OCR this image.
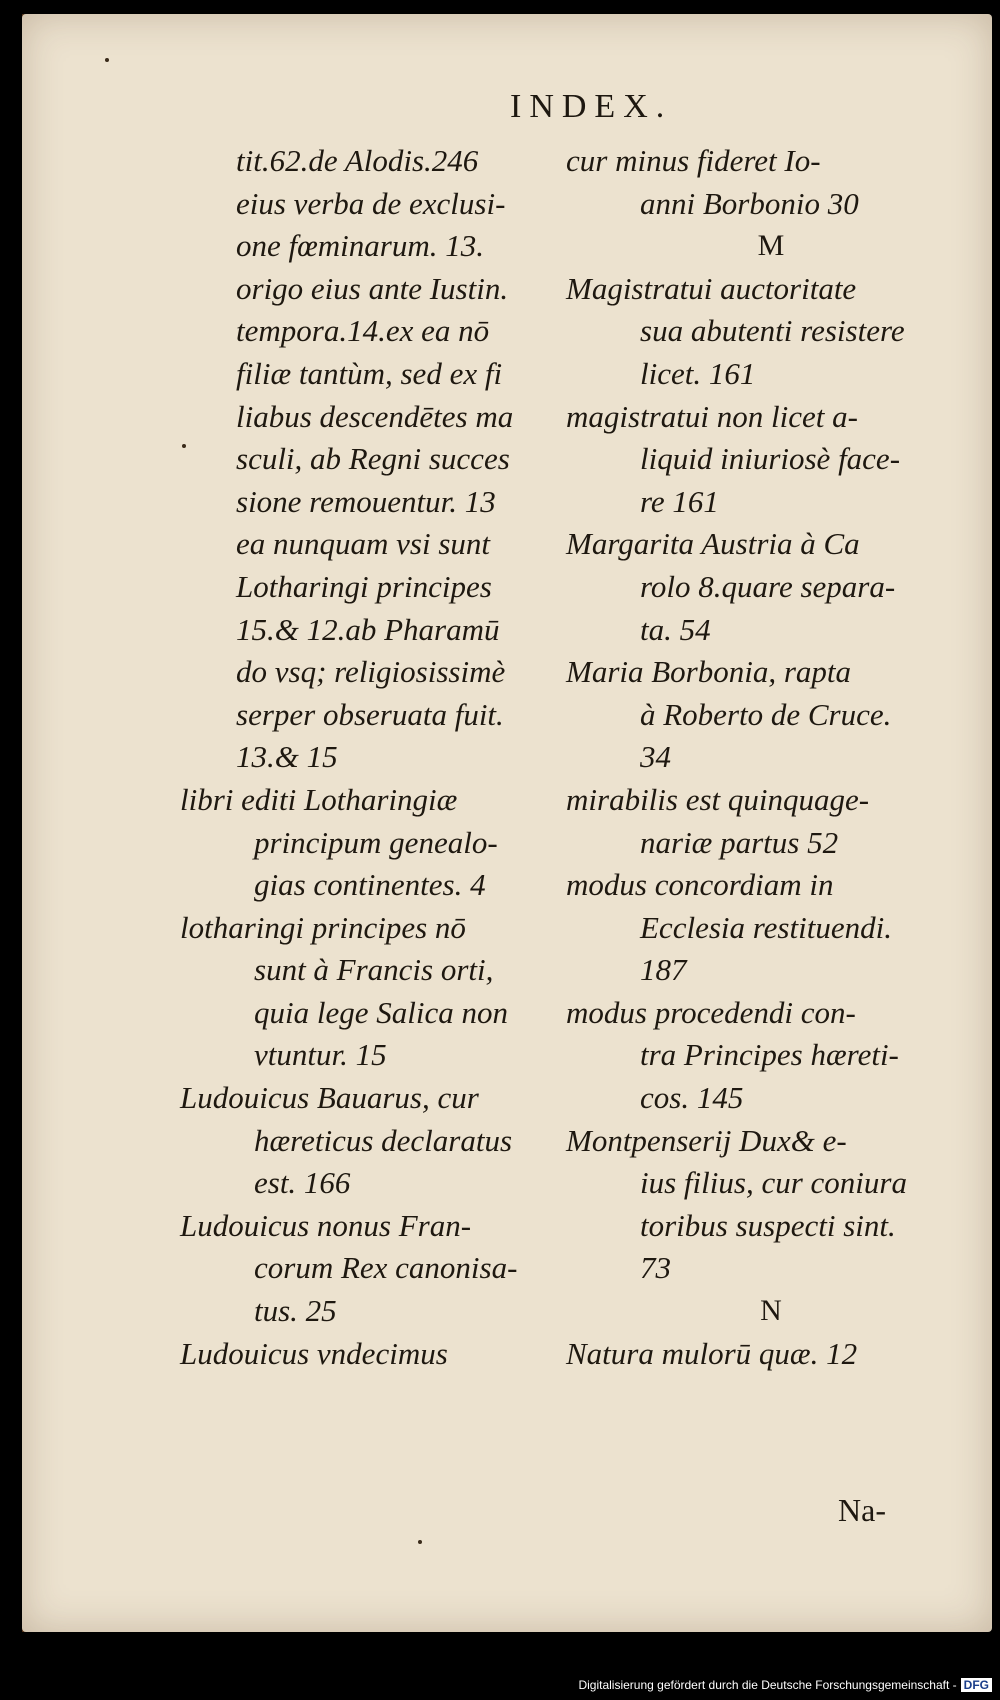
INDEX.
tit.62.de Alodis.246
eius verba de exclusi-
one fœminarum. 13.
origo eius ante Iustin.
tempora.14.ex ea nō
filiæ tantùm, sed ex fi
liabus descendētes ma
sculi, ab Regni succes
sione remouentur. 13
ea nunquam vsi sunt
Lotharingi principes
15.& 12.ab Pharamū
do vsq; religiosissimè
serper obseruata fuit.
13.& 15
libri editi Lotharingiæ
principum genealo-
gias continentes. 4
lotharingi principes nō
sunt à Francis orti,
quia lege Salica non
vtuntur. 15
Ludouicus Bauarus, cur
hæreticus declaratus
est. 166
Ludouicus nonus Fran-
corum Rex canonisa-
tus. 25
Ludouicus vndecimus
cur minus fideret Io-
anni Borbonio 30
M
Magistratui auctoritate
sua abutenti resistere
licet. 161
magistratui non licet a-
liquid iniuriosè face-
re 161
Margarita Austria à Ca
rolo 8.quare separa-
ta. 54
Maria Borbonia, rapta
à Roberto de Cruce.
34
mirabilis est quinquage-
nariæ partus 52
modus concordiam in
Ecclesia restituendi.
187
modus procedendi con-
tra Principes hæreti-
cos. 145
Montpenserij Dux& e-
ius filius, cur coniura
toribus suspecti sint.
73
N
Natura mulorū quæ. 12
Na-
Digitalisierung gefördert durch die Deutsche Forschungsgemeinschaft - DFG
